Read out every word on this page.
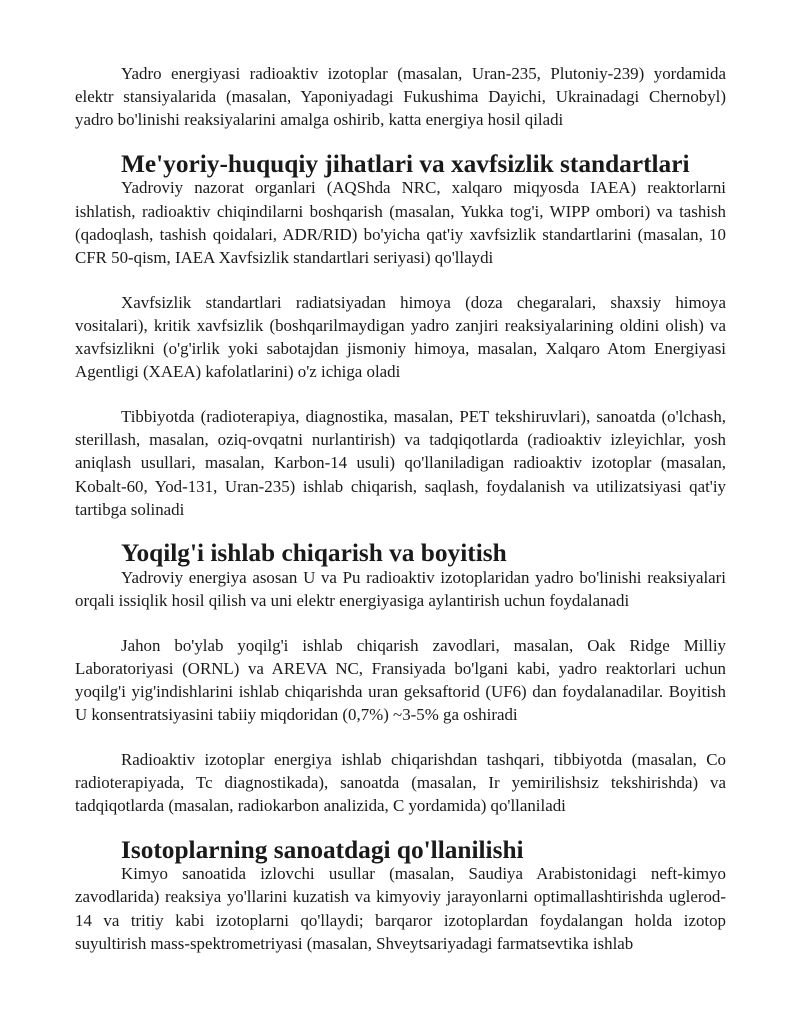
Yadro energiyasi radioaktiv izotoplar (masalan, Uran-235, Plutoniy-239) yordamida elektr stansiyalarida (masalan, Yaponiyadagi Fukushima Dayichi, Ukrainadagi Chernobyl) yadro bo'linishi reaksiyalarini amalga oshirib, katta energiya hosil qiladi

Me'yoriy-huquqiy jihatlari va xavfsizlik standartlari

Yadroviy nazorat organlari (AQShda NRC, xalqaro miqyosda IAEA) reaktorlarni ishlatish, radioaktiv chiqindilarni boshqarish (masalan, Yukka tog'i, WIPP ombori) va tashish (qadoqlash, tashish qoidalari, ADR/RID) bo'yicha qat'iy xavfsizlik standartlarini (masalan, 10 CFR 50-qism, IAEA Xavfsizlik standartlari seriyasi) qo'llaydi

Xavfsizlik standartlari radiatsiyadan himoya (doza chegaralari, shaxsiy himoya vositalari), kritik xavfsizlik (boshqarilmaydigan yadro zanjiri reaksiyalarining oldini olish) va xavfsizlikni (o'g'irlik yoki sabotajdan jismoniy himoya, masalan, Xalqaro Atom Energiyasi Agentligi (XAEA) kafolatlarini) o'z ichiga oladi

Tibbiyotda (radioterapiya, diagnostika, masalan, PET tekshiruvlari), sanoatda (o'lchash, sterillash, masalan, oziq-ovqatni nurlantirish) va tadqiqotlarda (radioaktiv izleyichlar, yosh aniqlash usullari, masalan, Karbon-14 usuli) qo'llaniladigan radioaktiv izotoplar (masalan, Kobalt-60, Yod-131, Uran-235) ishlab chiqarish, saqlash, foydalanish va utilizatsiyasi qat'iy tartibga solinadi

Yoqilg'i ishlab chiqarish va boyitish

Yadroviy energiya asosan U va Pu radioaktiv izotoplaridan yadro bo'linishi reaksiyalari orqali issiqlik hosil qilish va uni elektr energiyasiga aylantirish uchun foydalanadi

Jahon bo'ylab yoqilg'i ishlab chiqarish zavodlari, masalan, Oak Ridge Milliy Laboratoriyasi (ORNL) va AREVA NC, Fransiyada bo'lgani kabi, yadro reaktorlari uchun yoqilg'i yig'indishlarini ishlab chiqarishda uran geksaftorid (UF6) dan foydalanadilar. Boyitish U konsentratsiyasini tabiiy miqdoridan (0,7%) ~3-5% ga oshiradi

Radioaktiv izotoplar energiya ishlab chiqarishdan tashqari, tibbiyotda (masalan, Co radioterapiyada, Tc diagnostikada), sanoatda (masalan, Ir yemirilishsiz tekshirishda) va tadqiqotlarda (masalan, radiokarbon analizida, C yordamida) qo'llaniladi

Isotoplarning sanoatdagi qo'llanilishi

Kimyo sanoatida izlovchi usullar (masalan, Saudiya Arabistonidagi neft-kimyo zavodlarida) reaksiya yo'llarini kuzatish va kimyoviy jarayonlarni optimallashtirishda uglerod-14 va tritiy kabi izotoplarni qo'llaydi; barqaror izotoplardan foydalangan holda izotop suyultirish mass-spektrometriyasi (masalan, Shveytsariyadagi farmatsevtika ishlab
